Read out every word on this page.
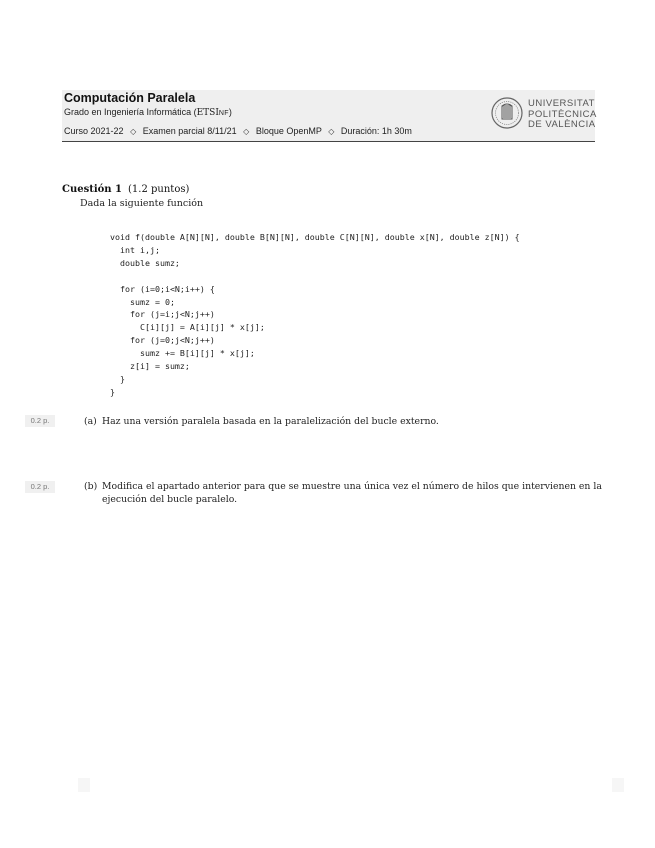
Computación Paralela
Grado en Ingeniería Informática (ETSINF)
Curso 2021-22 ◇ Examen parcial 8/11/21 ◇ Bloque OpenMP ◇ Duración: 1h 30m
UNIVERSITAT
POLITÈCNICA
DE VALÈNCIA
Cuestión 1 (1.2 puntos)
Dada la siguiente función
void f(double A[N][N], double B[N][N], double C[N][N], double x[N], double z[N]) {
int i,j;
double sumz;

for (i=0;i<N;i++) {
sumz = 0;
for (j=i;j<N;j++)
C[i][j] = A[i][j] * x[j];
for (j=0;j<N;j++)
sumz += B[i][j] * x[j];
z[i] = sumz;
}
}
0.2 p.	(a) Haz una versión paralela basada en la paralelización del bucle externo.
0.2 p.	(b) Modifica el apartado anterior para que se muestre una única vez el número de hilos que intervienen en la
ejecución del bucle paralelo.
